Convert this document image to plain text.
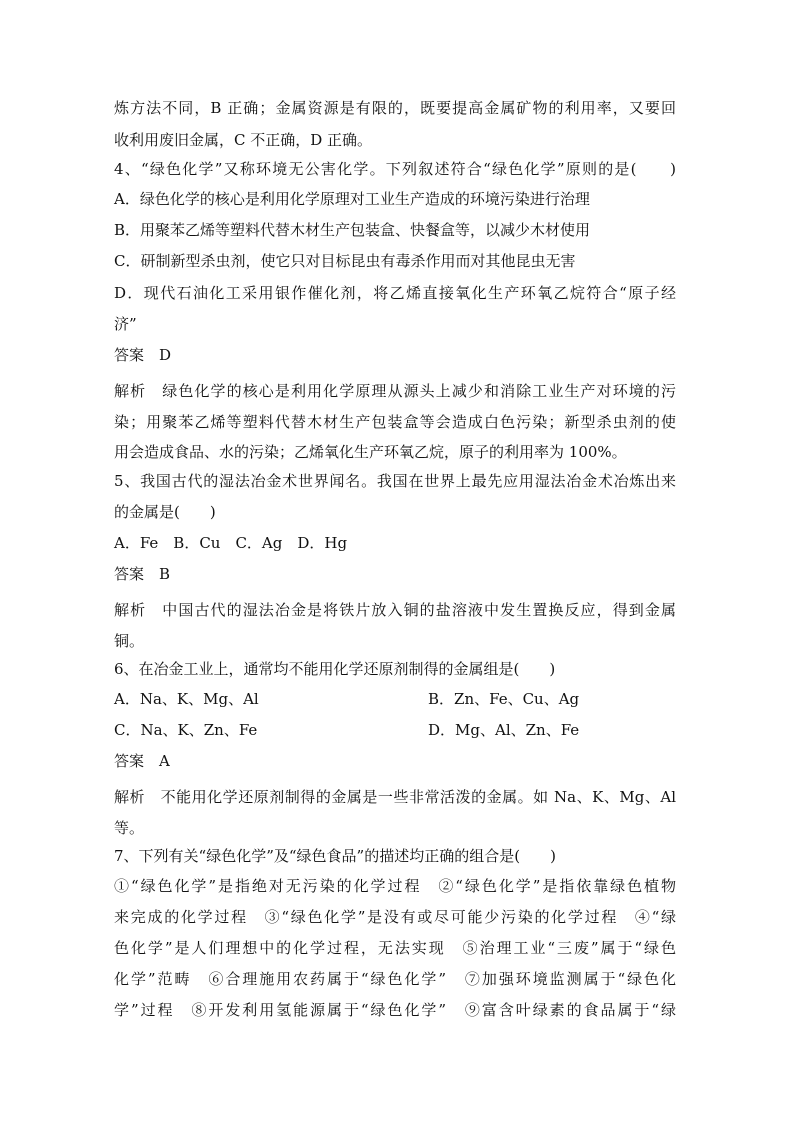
炼方法不同，B 正确；金属资源是有限的，既要提高金属矿物的利用率，又要回
收利用废旧金属，C 不正确，D 正确。
4、“绿色化学”又称环境无公害化学。下列叙述符合“绿色化学”原则的是(　　)
A．绿色化学的核心是利用化学原理对工业生产造成的环境污染进行治理
B．用聚苯乙烯等塑料代替木材生产包装盒、快餐盒等，以减少木材使用
C．研制新型杀虫剂，使它只对目标昆虫有毒杀作用而对其他昆虫无害
D．现代石油化工采用银作催化剂，将乙烯直接氧化生产环氧乙烷符合“原子经
济”
答案　D
解析　绿色化学的核心是利用化学原理从源头上减少和消除工业生产对环境的污
染；用聚苯乙烯等塑料代替木材生产包装盒等会造成白色污染；新型杀虫剂的使
用会造成食品、水的污染；乙烯氧化生产环氧乙烷，原子的利用率为 100%。
5、我国古代的湿法冶金术世界闻名。我国在世界上最先应用湿法冶金术冶炼出来
的金属是(　　)
A．Fe　B．Cu　C．Ag　D．Hg
答案　B
解析　中国古代的湿法冶金是将铁片放入铜的盐溶液中发生置换反应，得到金属
铜。
6、在冶金工业上，通常均不能用化学还原剂制得的金属组是(　　)
A．Na、K、Mg、Al	B．Zn、Fe、Cu、Ag
C．Na、K、Zn、Fe	D．Mg、Al、Zn、Fe
答案　A
解析　不能用化学还原剂制得的金属是一些非常活泼的金属。如 Na、K、Mg、Al
等。
7、下列有关“绿色化学”及“绿色食品”的描述均正确的组合是(　　)
①“绿色化学”是指绝对无污染的化学过程　②“绿色化学”是指依靠绿色植物
来完成的化学过程　③“绿色化学”是没有或尽可能少污染的化学过程　④“绿
色化学”是人们理想中的化学过程，无法实现　⑤治理工业“三废”属于“绿色
化学”范畴　⑥合理施用农药属于“绿色化学”　⑦加强环境监测属于“绿色化
学”过程　⑧开发利用氢能源属于“绿色化学”　⑨富含叶绿素的食品属于“绿
